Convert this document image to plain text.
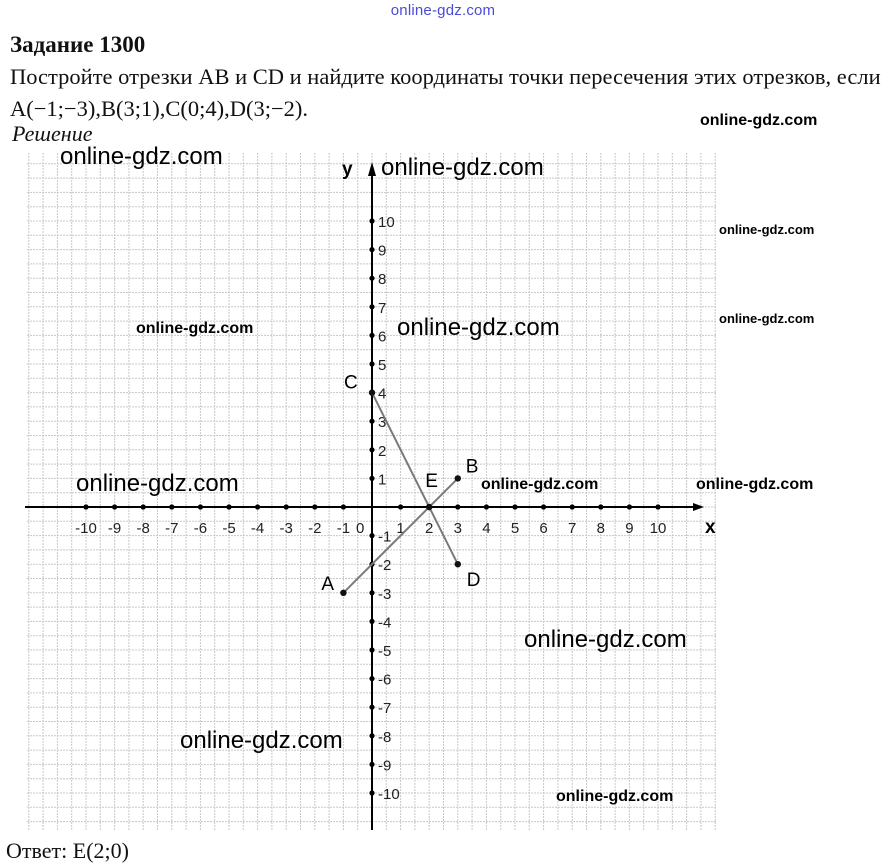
online-gdz.com
Задание 1300
Постройте отрезки AB и CD и найдите координаты точки пересечения этих отрезков, если A(−1;−3),B(3;1),C(0;4),D(3;−2).
Решение
x
y
-10 -9 -8 -7 -6 -5 -4 -3 -2 -1	1 2 3 4 5 6 7 8 9 10
10
9
8
7
6
5
4
3
2
1
-1
-2
-3
-4
-5
-6
-7
-8
-9
-10
0
A
B
C
D
E
online-gdz.com	online-gdz.com
online-gdz.com
online-gdz.com
online-gdz.com
online-gdz.com	online-gdz.com
online-gdz.com	online-gdz.com	online-gdz.com
online-gdz.com
online-gdz.com
online-gdz.com
Ответ: E(2;0)
